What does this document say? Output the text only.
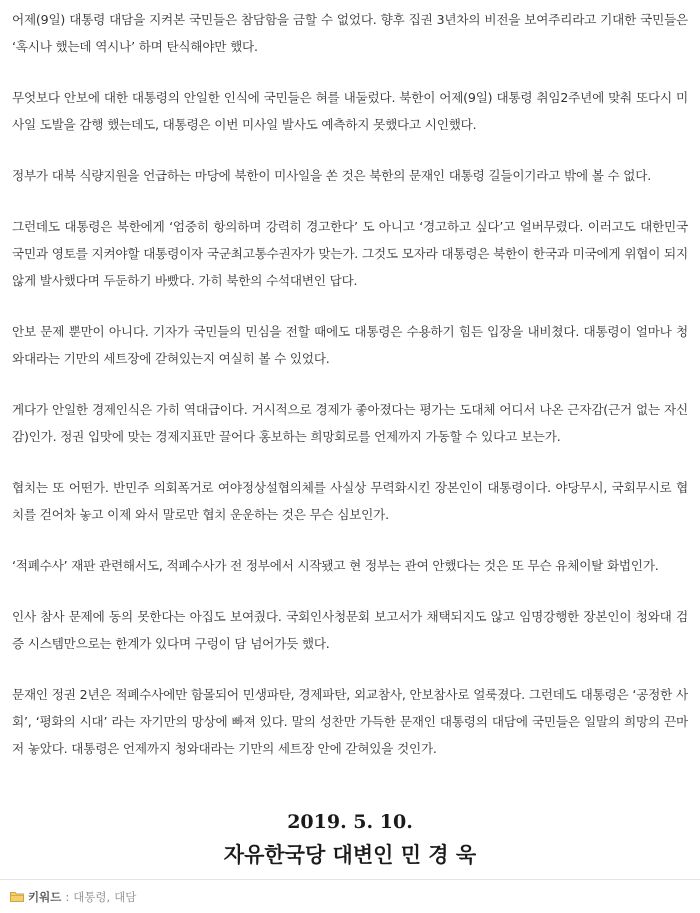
어제(9일) 대통령 대담을 지켜본 국민들은 참담함을 금할 수 없었다. 향후 집권 3년차의 비전을 보여주리라고 기대한 국민들은 ‘혹시나 했는데 역시나’ 하며 탄식해야만 했다.

무엇보다 안보에 대한 대통령의 안일한 인식에 국민들은 혀를 내둘렀다. 북한이 어제(9일) 대통령 취임2주년에 맞춰 또다시 미사일 도발을 감행 했는데도, 대통령은 이번 미사일 발사도 예측하지 못했다고 시인했다.

정부가 대북 식량지원을 언급하는 마당에 북한이 미사일을 쏜 것은 북한의 문재인 대통령 길들이기라고 밖에 볼 수 없다.

그런데도 대통령은 북한에게 ‘엄중히 항의하며 강력히 경고한다’ 도 아니고 ‘경고하고 싶다’고 얼버무렸다. 이러고도 대한민국 국민과 영토를 지켜야할 대통령이자 국군최고통수권자가 맞는가. 그것도 모자라 대통령은 북한이 한국과 미국에게 위협이 되지 않게 발사했다며 두둔하기 바빴다. 가히 북한의 수석대변인 답다.

안보 문제 뿐만이 아니다. 기자가 국민들의 민심을 전할 때에도 대통령은 수용하기 힘든 입장을 내비쳤다. 대통령이 얼마나 청와대라는 기만의 세트장에 갇혀있는지 여실히 볼 수 있었다.

게다가 안일한 경제인식은 가히 역대급이다. 거시적으로 경제가 좋아졌다는 평가는 도대체 어디서 나온 근자감(근거 없는 자신감)인가. 정권 입맛에 맞는 경제지표만 끌어다 홍보하는 희망회로를 언제까지 가동할 수 있다고 보는가.

협치는 또 어떤가. 반민주 의회폭거로 여야정상설협의체를 사실상 무력화시킨 장본인이 대통령이다. 야당무시, 국회무시로 협치를 걷어차 놓고 이제 와서 말로만 협치 운운하는 것은 무슨 심보인가.

‘적폐수사’ 재판 관련해서도, 적폐수사가 전 정부에서 시작됐고 현 정부는 관여 안했다는 것은 또 무슨 유체이탈 화법인가.

인사 참사 문제에 동의 못한다는 아집도 보여줬다. 국회인사청문회 보고서가 채택되지도 않고 임명강행한 장본인이 청와대 검증 시스템만으로는 한계가 있다며 구렁이 담 넘어가듯 했다.

문재인 정권 2년은 적폐수사에만 함몰되어 민생파탄, 경제파탄, 외교참사, 안보참사로 얼룩졌다. 그런데도 대통령은 ‘공정한 사회’, ‘평화의 시대’ 라는 자기만의 망상에 빠져 있다. 말의 성찬만 가득한 문재인 대통령의 대담에 국민들은 일말의 희망의 끈마저 놓았다. 대통령은 언제까지 청와대라는 기만의 세트장 안에 갇혀있을 것인가.

2019. 5. 10.
자유한국당 대변인 민 경 욱
키워드 : 대통령 , 대담
